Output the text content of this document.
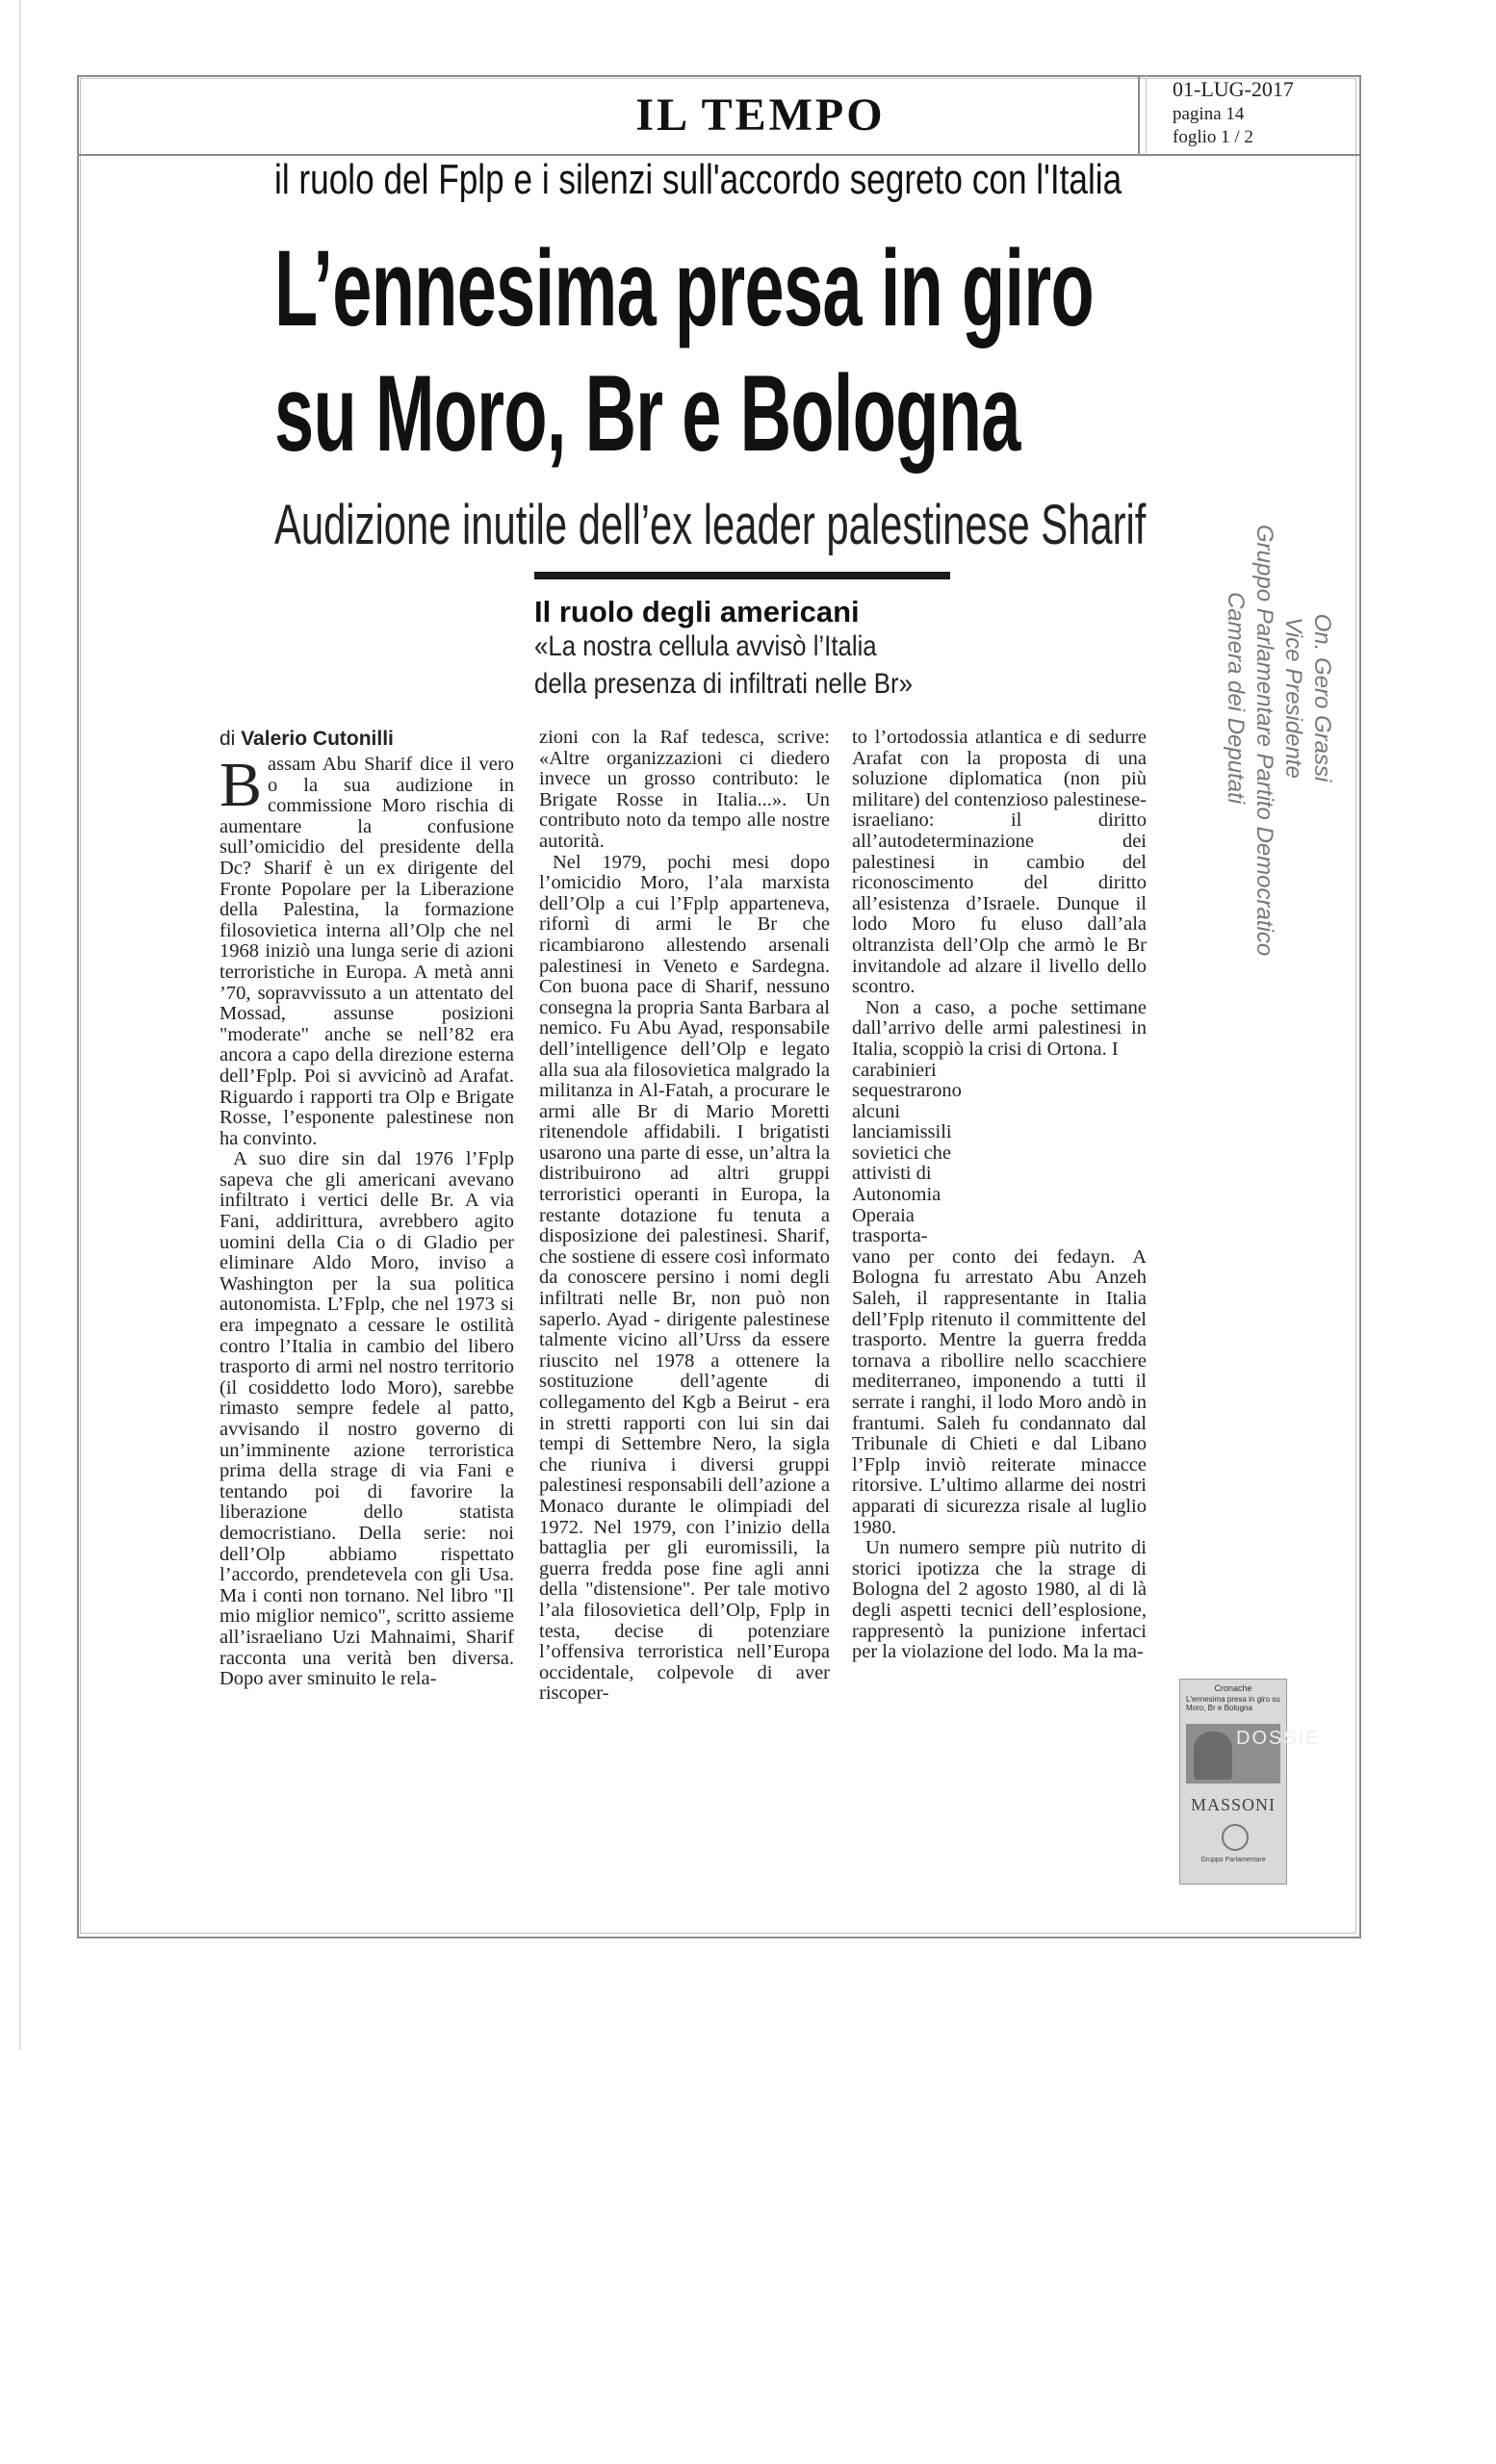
IL TEMPO
01-LUG-2017
pagina 14
foglio 1 / 2
il ruolo del Fplp e i silenzi sull'accordo segreto con l'Italia
L’ennesima presa in giro
su Moro, Br e Bologna
Audizione inutile dell’ex leader palestinese Sharif
Il ruolo degli americani
«La nostra cellula avvisò l’Italia
della presenza di infiltrati nelle Br»
di Valerio Cutonilli

Bassam Abu Sharif dice il vero o la sua audizione in commissione Moro rischia di aumentare la confusione sull’omicidio del presidente della Dc? Sharif è un ex dirigente del Fronte Popolare per la Liberazione della Palestina, la formazione filosovietica interna all’Olp che nel 1968 iniziò una lunga serie di azioni terroristiche in Europa. A metà anni ’70, sopravvissuto a un attentato del Mossad, assunse posizioni "moderate" anche se nell’82 era ancora a capo della direzione esterna dell’Fplp. Poi si avvicinò ad Arafat. Riguardo i rapporti tra Olp e Brigate Rosse, l’esponente palestinese non ha convinto.

A suo dire sin dal 1976 l’Fplp sapeva che gli americani avevano infiltrato i vertici delle Br. A via Fani, addirittura, avrebbero agito uomini della Cia o di Gladio per eliminare Aldo Moro, inviso a Washington per la sua politica autonomista. L’Fplp, che nel 1973 si era impegnato a cessare le ostilità contro l’Italia in cambio del libero trasporto di armi nel nostro territorio (il cosiddetto lodo Moro), sarebbe rimasto sempre fedele al patto, avvisando il nostro governo di un’imminente azione terroristica prima della strage di via Fani e tentando poi di favorire la liberazione dello statista democristiano. Della serie: noi dell’Olp abbiamo rispettato l’accordo, prendetevela con gli Usa. Ma i conti non tornano. Nel libro "Il mio miglior nemico", scritto assieme all’israeliano Uzi Mahnaimi, Sharif racconta una verità ben diversa. Dopo aver sminuito le rela-

zioni con la Raf tedesca, scrive: «Altre organizzazioni ci diedero invece un grosso contributo: le Brigate Rosse in Italia...». Un contributo noto da tempo alle nostre autorità.

Nel 1979, pochi mesi dopo l’omicidio Moro, l’ala marxista dell’Olp a cui l’Fplp apparteneva, rifornì di armi le Br che ricambiarono allestendo arsenali palestinesi in Veneto e Sardegna. Con buona pace di Sharif, nessuno consegna la propria Santa Barbara al nemico. Fu Abu Ayad, responsabile dell’intelligence dell’Olp e legato alla sua ala filosovietica malgrado la militanza in Al-Fatah, a procurare le armi alle Br di Mario Moretti ritenendole affidabili. I brigatisti usarono una parte di esse, un’altra la distribuirono ad altri gruppi terroristici operanti in Europa, la restante dotazione fu tenuta a disposizione dei palestinesi. Sharif, che sostiene di essere così informato da conoscere persino i nomi degli infiltrati nelle Br, non può non saperlo. Ayad - dirigente palestinese talmente vicino all’Urss da essere riuscito nel 1978 a ottenere la sostituzione dell’agente di collegamento del Kgb a Beirut - era in stretti rapporti con lui sin dai tempi di Settembre Nero, la sigla che riuniva i diversi gruppi palestinesi responsabili dell’azione a Monaco durante le olimpiadi del 1972. Nel 1979, con l’inizio della battaglia per gli euromissili, la guerra fredda pose fine agli anni della "distensione". Per tale motivo l’ala filosovietica dell’Olp, Fplp in testa, decise di potenziare l’offensiva terroristica nell’Europa occidentale, colpevole di aver riscoper-

to l’ortodossia atlantica e di sedurre Arafat con la proposta di una soluzione diplomatica (non più militare) del contenzioso palestinese-israeliano: il diritto all’autodeterminazione dei palestinesi in cambio del riconoscimento del diritto all’esistenza d’Israele. Dunque il lodo Moro fu eluso dall’ala oltranzista dell’Olp che armò le Br invitandole ad alzare il livello dello scontro.

Non a caso, a poche settimane dall’arrivo delle armi palestinesi in Italia, scoppiò la crisi di Ortona. I

carabinieri sequestrarono alcuni lanciamissili sovietici che attivisti di Autonomia Operaia trasporta-

vano per conto dei fedayn. A Bologna fu arrestato Abu Anzeh Saleh, il rappresentante in Italia dell’Fplp ritenuto il committente del trasporto. Mentre la guerra fredda tornava a ribollire nello scacchiere mediterraneo, imponendo a tutti il serrate i ranghi, il lodo Moro andò in frantumi. Saleh fu condannato dal Tribunale di Chieti e dal Libano l’Fplp inviò reiterate minacce ritorsive. L’ultimo allarme dei nostri apparati di sicurezza risale al luglio 1980.

Un numero sempre più nutrito di storici ipotizza che la strage di Bologna del 2 agosto 1980, al di là degli aspetti tecnici dell’esplosione, rappresentò la punizione infertaci per la violazione del lodo. Ma la ma-

Cronache
L'ennesima presa in giro su Moro, Br e Bologna
DOSSIE
MASSONI
Gruppo Parlamentare
On. Gero Grassi
Vice Presidente
Gruppo Parlamentare Partito Democratico
Camera dei Deputati
